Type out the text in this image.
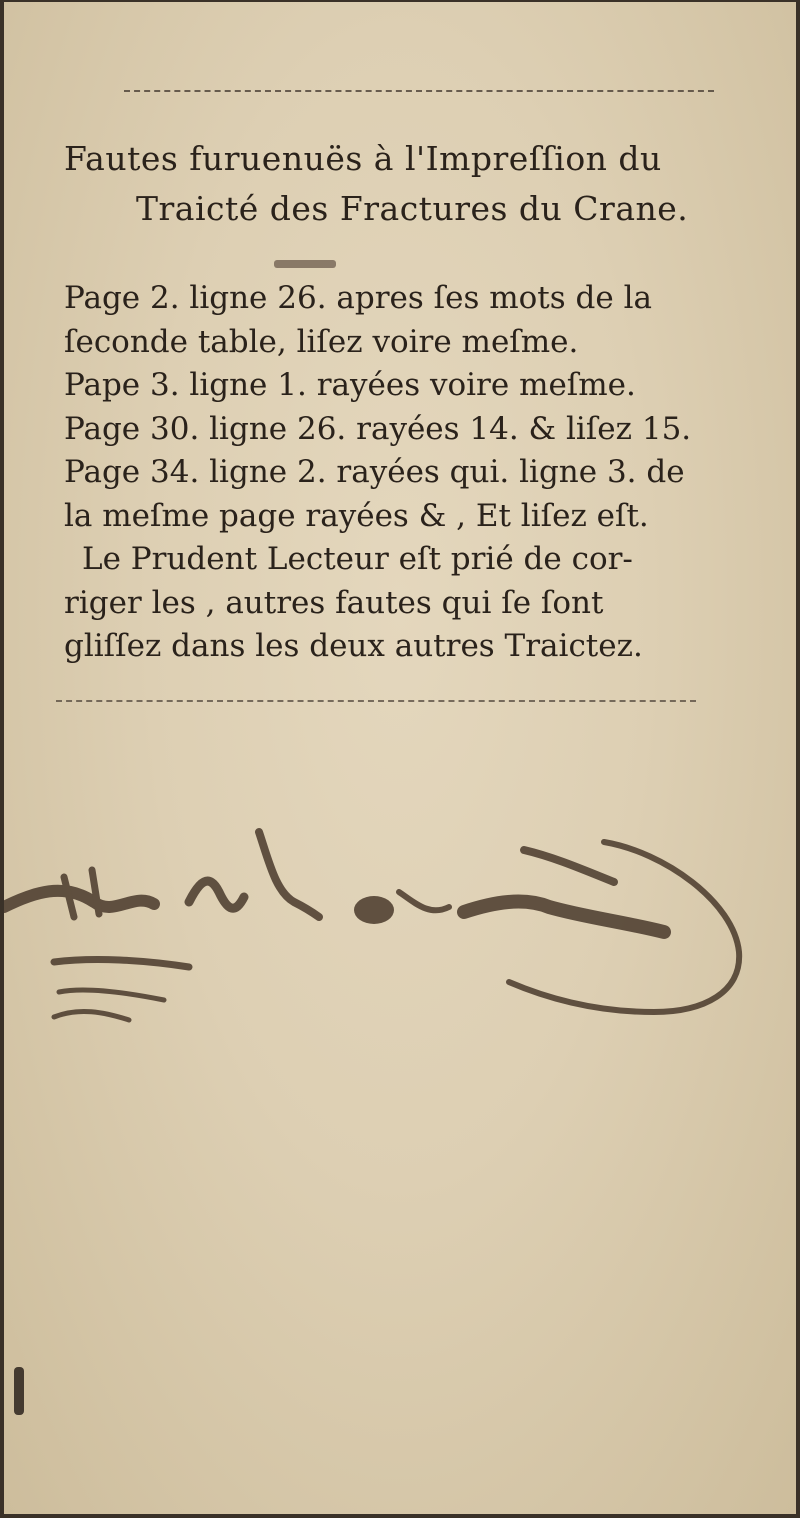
Fautes furuenuës à l'Impreſſion du
Traicté des Fractures du Crane.
Page 2. ligne 26. apres ſes mots de la
ſeconde table, liſez voire meſme.
Pape 3. ligne 1. rayées voire meſme.
Page 30. ligne 26. rayées 14. & liſez 15.
Page 34. ligne 2. rayées qui. ligne 3. de
la meſme page rayées & , Et liſez eſt.
Le Prudent Lecteur eſt prié de cor-
riger les , autres fautes qui ſe ſont
gliſſez dans les deux autres Traictez.
